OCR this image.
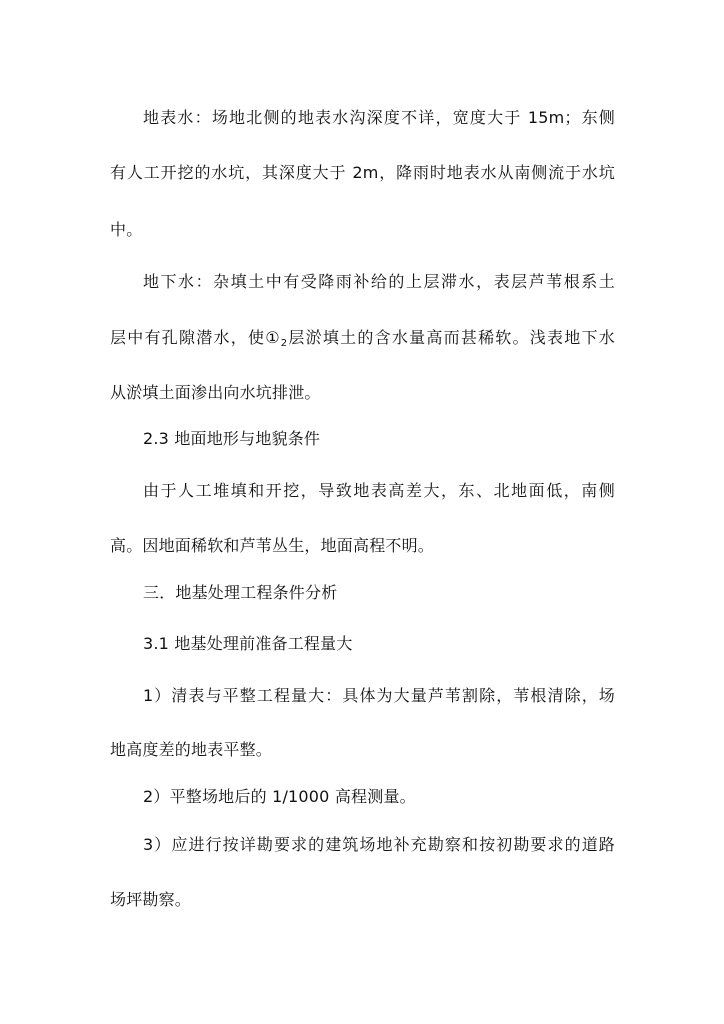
地表水：场地北侧的地表水沟深度不详，宽度大于 15m；东侧
有人工开挖的水坑，其深度大于 2m，降雨时地表水从南侧流于水坑
中。
地下水：杂填土中有受降雨补给的上层滞水，表层芦苇根系土
层中有孔隙潜水，使①2层淤填土的含水量高而甚稀软。浅表地下水
从淤填土面渗出向水坑排泄。
2.3 地面地形与地貌条件
由于人工堆填和开挖，导致地表高差大，东、北地面低，南侧
高。因地面稀软和芦苇丛生，地面高程不明。
三．地基处理工程条件分析
3.1 地基处理前准备工程量大
1）清表与平整工程量大：具体为大量芦苇割除，苇根清除，场
地高度差的地表平整。
2）平整场地后的 1/1000 高程测量。
3）应进行按详勘要求的建筑场地补充勘察和按初勘要求的道路
场坪勘察。
